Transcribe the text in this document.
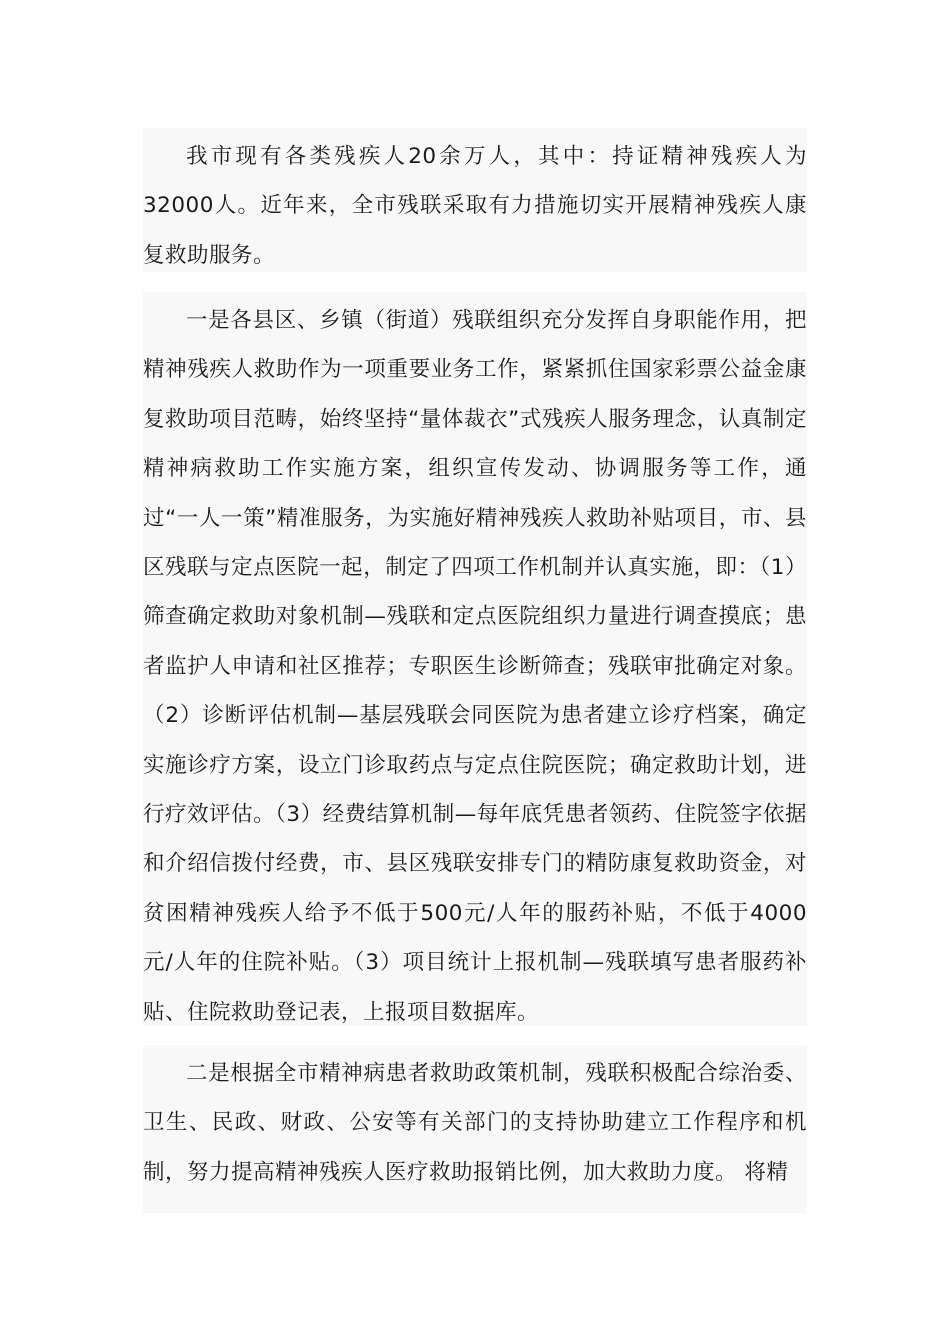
我市现有各类残疾人20余万人，其中：持证精神残疾人为32000人。近年来，全市残联采取有力措施切实开展精神残疾人康复救助服务。
一是各县区、乡镇（街道）残联组织充分发挥自身职能作用，把精神残疾人救助作为一项重要业务工作，紧紧抓住国家彩票公益金康复救助项目范畴，始终坚持“量体裁衣”式残疾人服务理念，认真制定精神病救助工作实施方案，组织宣传发动、协调服务等工作，通过“一人一策”精准服务，为实施好精神残疾人救助补贴项目，市、县区残联与定点医院一起，制定了四项工作机制并认真实施，即：（1）筛查确定救助对象机制—残联和定点医院组织力量进行调查摸底；患者监护人申请和社区推荐；专职医生诊断筛查；残联审批确定对象。（2）诊断评估机制—基层残联会同医院为患者建立诊疗档案，确定实施诊疗方案，设立门诊取药点与定点住院医院；确定救助计划，进行疗效评估。（3）经费结算机制—每年底凭患者领药、住院签字依据和介绍信拨付经费，市、县区残联安排专门的精防康复救助资金，对贫困精神残疾人给予不低于500元/人年的服药补贴，不低于4000元/人年的住院补贴。（3）项目统计上报机制—残联填写患者服药补贴、住院救助登记表，上报项目数据库。
二是根据全市精神病患者救助政策机制，残联积极配合综治委、卫生、民政、财政、公安等有关部门的支持协助建立工作程序和机制，努力提高精神残疾人医疗救助报销比例，加大救助力度。 将精
